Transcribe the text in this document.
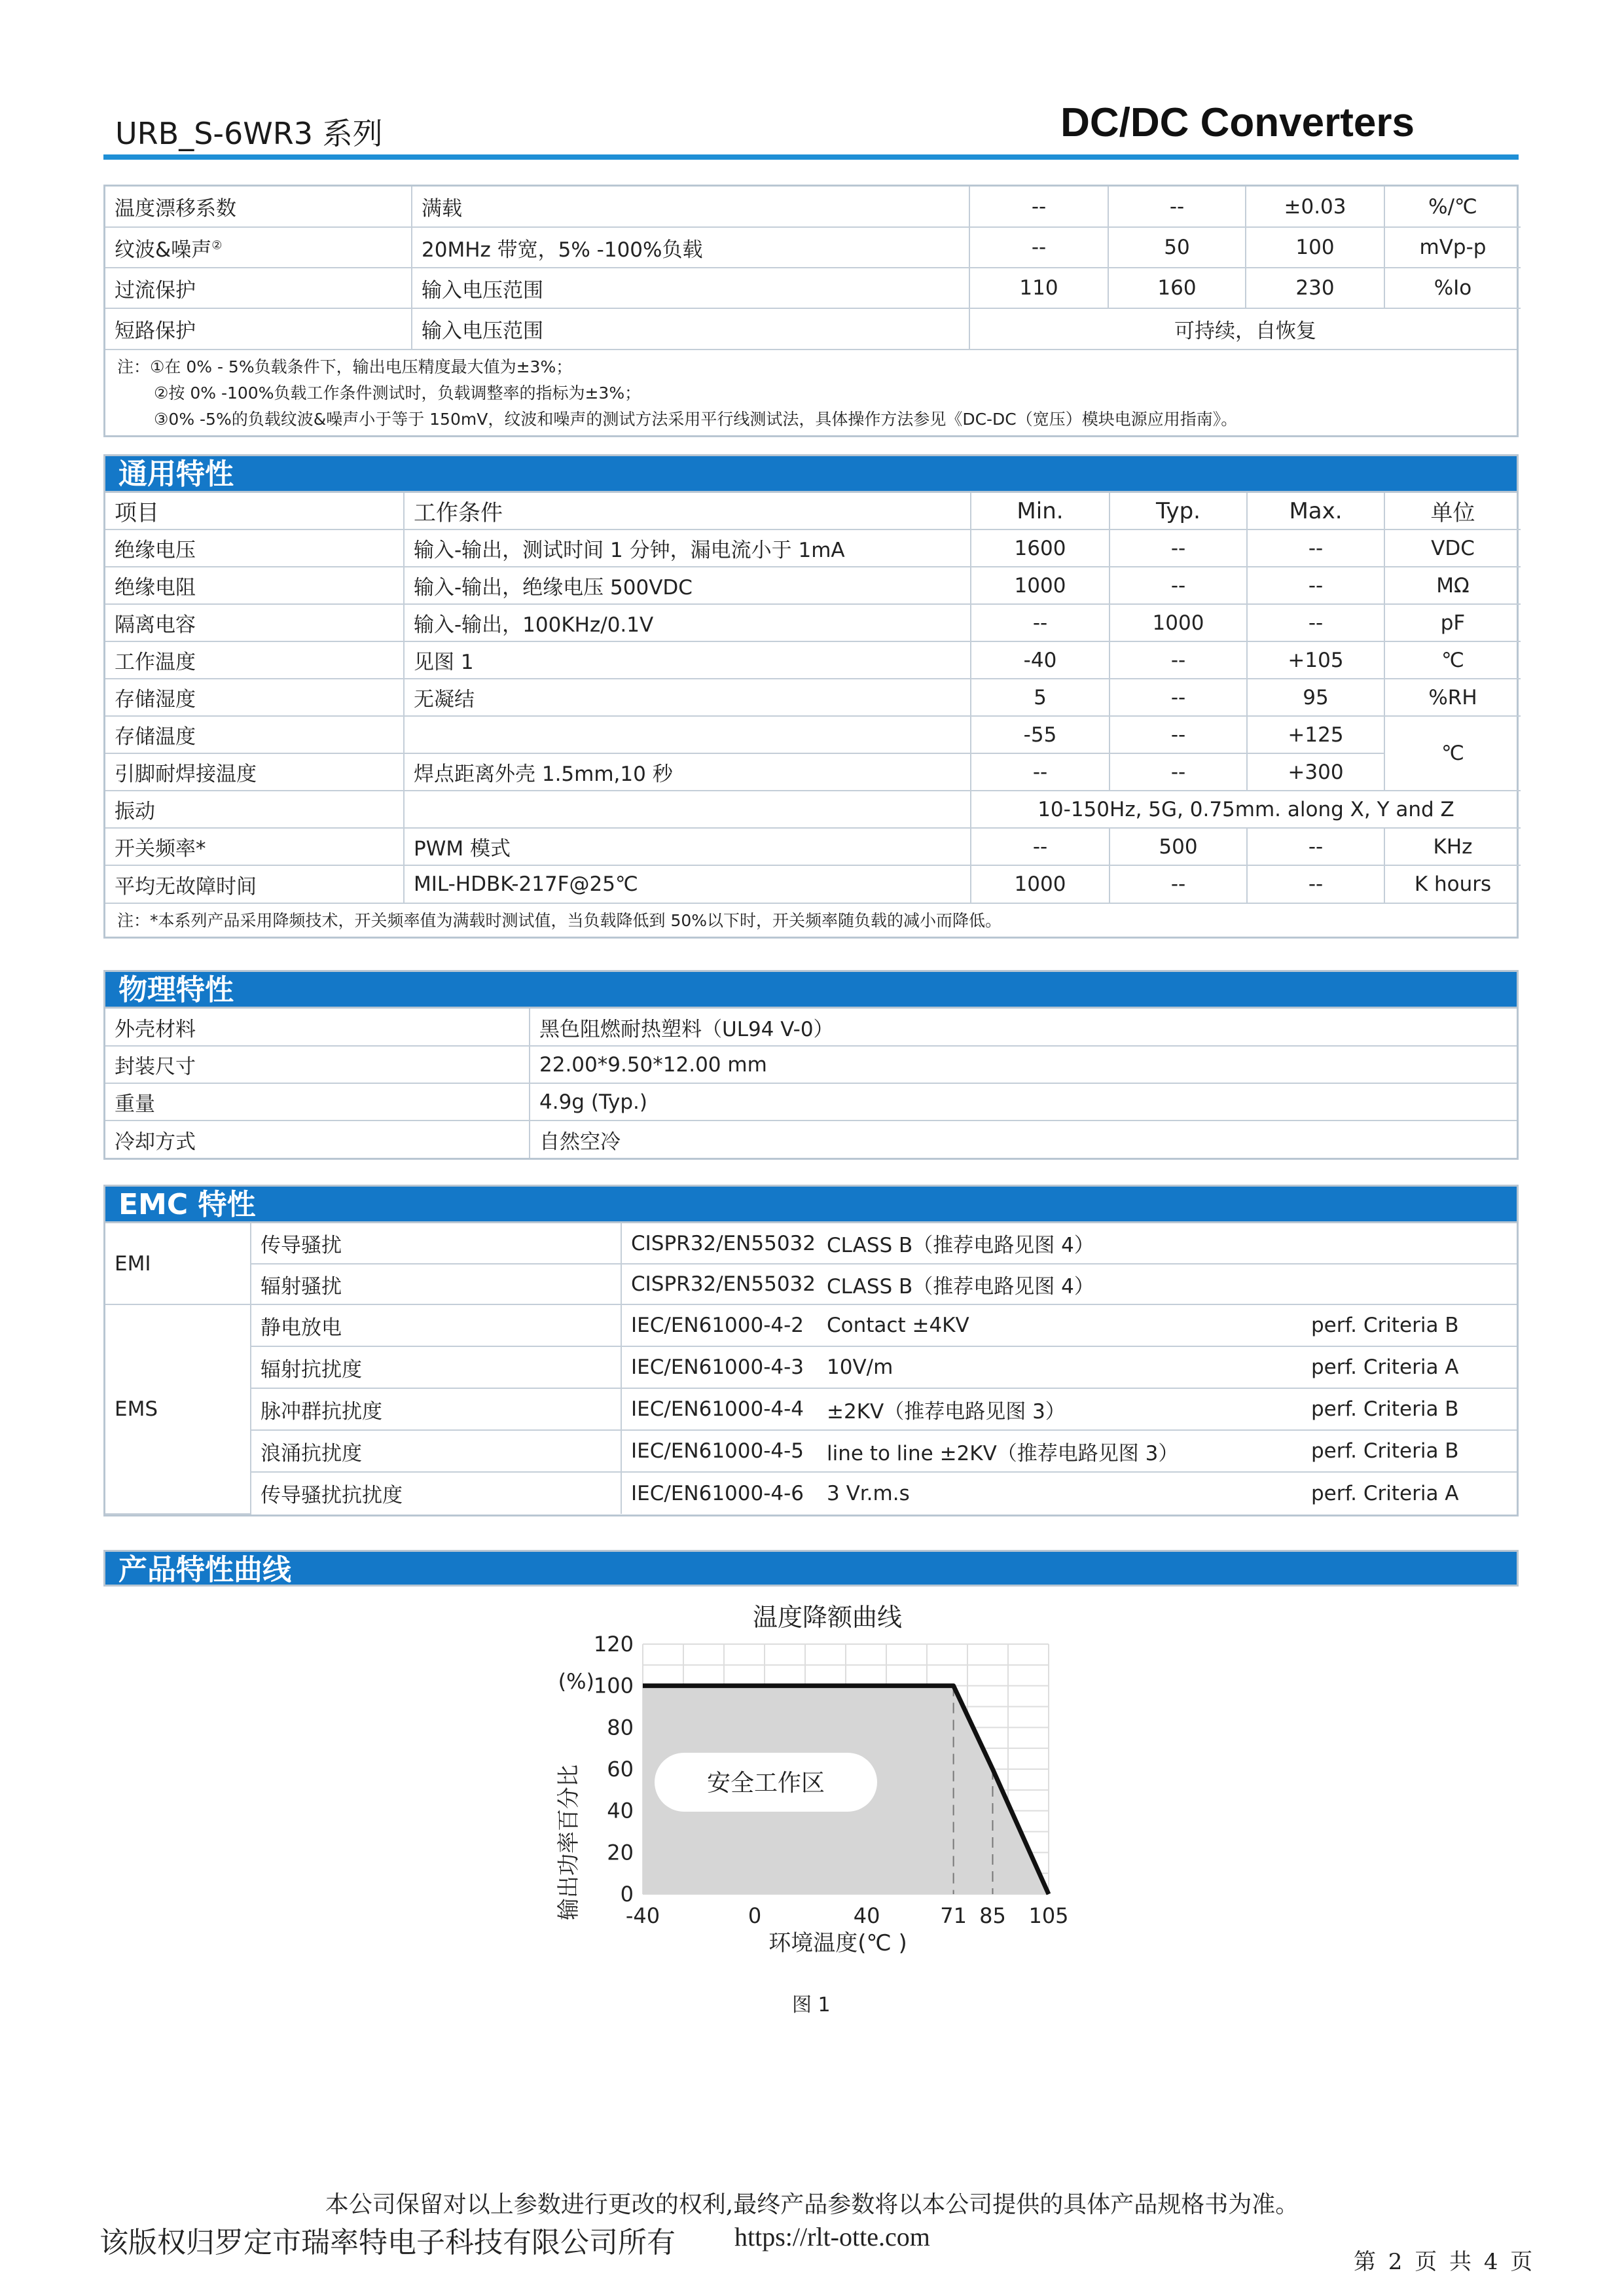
URB_S-6WR3 系列	DC/DC Converters
温度漂移系数	满载	--	--	±0.03	%/℃
纹波&噪声②	20MHz 带宽，5% -100%负载	--	50	100	mVp-p
过流保护	输入电压范围	110	160	230	%Io
短路保护	输入电压范围	可持续，自恢复			
注：①在 0% - 5%负载条件下，输出电压精度最大值为±3%；
②按 0% -100%负载工作条件测试时，负载调整率的指标为±3%；
③0% -5%的负载纹波&噪声小于等于 150mV，纹波和噪声的测试方法采用平行线测试法，具体操作方法参见《DC-DC（宽压）模块电源应用指南》。
通用特性
项目	工作条件	Min.	Typ.	Max.	单位
绝缘电压	输入-输出，测试时间 1 分钟，漏电流小于 1mA	1600	--	--	VDC
绝缘电阻	输入-输出，绝缘电压 500VDC	1000	--	--	MΩ
隔离电容	输入-输出，100KHz/0.1V	--	1000	--	pF
工作温度	见图 1	-40	--	+105	℃
存储湿度	无凝结	5	--	95	%RH
存储温度		-55	--	+125	℃
引脚耐焊接温度	焊点距离外壳 1.5mm,10 秒	--	--	+300	
振动		10-150Hz, 5G, 0.75mm. along X, Y and Z			
开关频率*	PWM 模式	--	500	--	KHz
平均无故障时间	MIL-HDBK-217F@25℃	1000	--	--	K hours
注：*本系列产品采用降频技术，开关频率值为满载时测试值，当负载降低到 50%以下时，开关频率随负载的减小而降低。
物理特性
外壳材料	黑色阻燃耐热塑料（UL94 V-0）
封装尺寸	22.00*9.50*12.00 mm
重量	4.9g (Typ.)
冷却方式	自然空冷
EMC 特性
EMI	传导骚扰	CISPR32/EN55032	CLASS B（推荐电路见图 4）	
	辐射骚扰	CISPR32/EN55032	CLASS B（推荐电路见图 4）	
EMS	静电放电	IEC/EN61000-4-2	Contact ±4KV	perf. Criteria B
	辐射抗扰度	IEC/EN61000-4-3	10V/m	perf. Criteria A
	脉冲群抗扰度	IEC/EN61000-4-4	±2KV（推荐电路见图 3）	perf. Criteria B
	浪涌抗扰度	IEC/EN61000-4-5	line to line ±2KV（推荐电路见图 3）	perf. Criteria B
	传导骚扰抗扰度	IEC/EN61000-4-6	3 Vr.m.s	perf. Criteria A
产品特性曲线
温度降额曲线
安全工作区
0
20
40
60
80
100
120
-40	0	40	71 85 105
(%)
输出功率百分比
环境温度(℃ )
图 1
本公司保留对以上参数进行更改的权利,最终产品参数将以本公司提供的具体产品规格书为准。
该版权归罗定市瑞率特电子科技有限公司所有 https://rlt-otte.com
第 2 页 共 4 页
